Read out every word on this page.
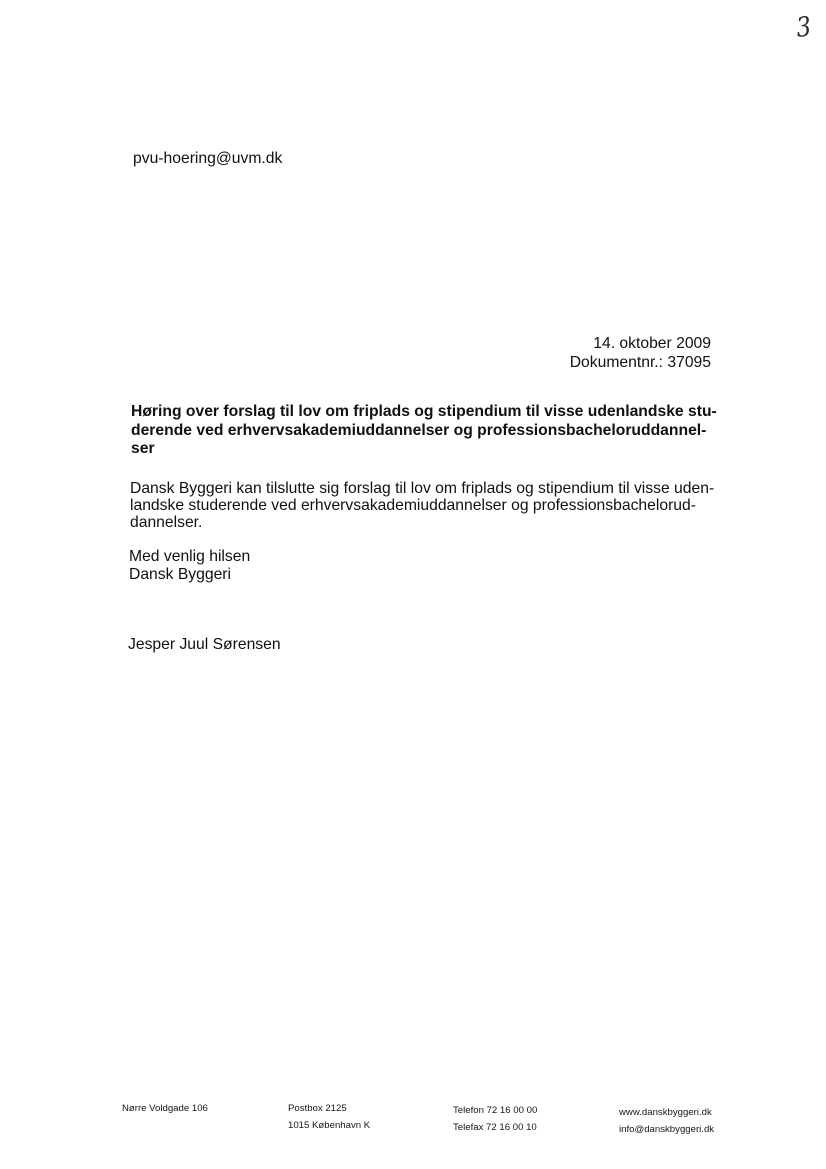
3
pvu-hoering@uvm.dk
14. oktober 2009
Dokumentnr.: 37095
Høring over forslag til lov om friplads og stipendium til visse udenlandske stu-
derende ved erhvervsakademiuddannelser og professionsbacheloruddannel-
ser
Dansk Byggeri kan tilslutte sig forslag til lov om friplads og stipendium til visse uden-
landske studerende ved erhvervsakademiuddannelser og professionsbachelorud-
dannelser.
Med venlig hilsen
Dansk Byggeri
Jesper Juul Sørensen
Nørre Voldgade 106	Postbox 2125
1015 København K
Telefon 72 16 00 00
Telefax 72 16 00 10
www.danskbyggeri.dk
info@danskbyggeri.dk
